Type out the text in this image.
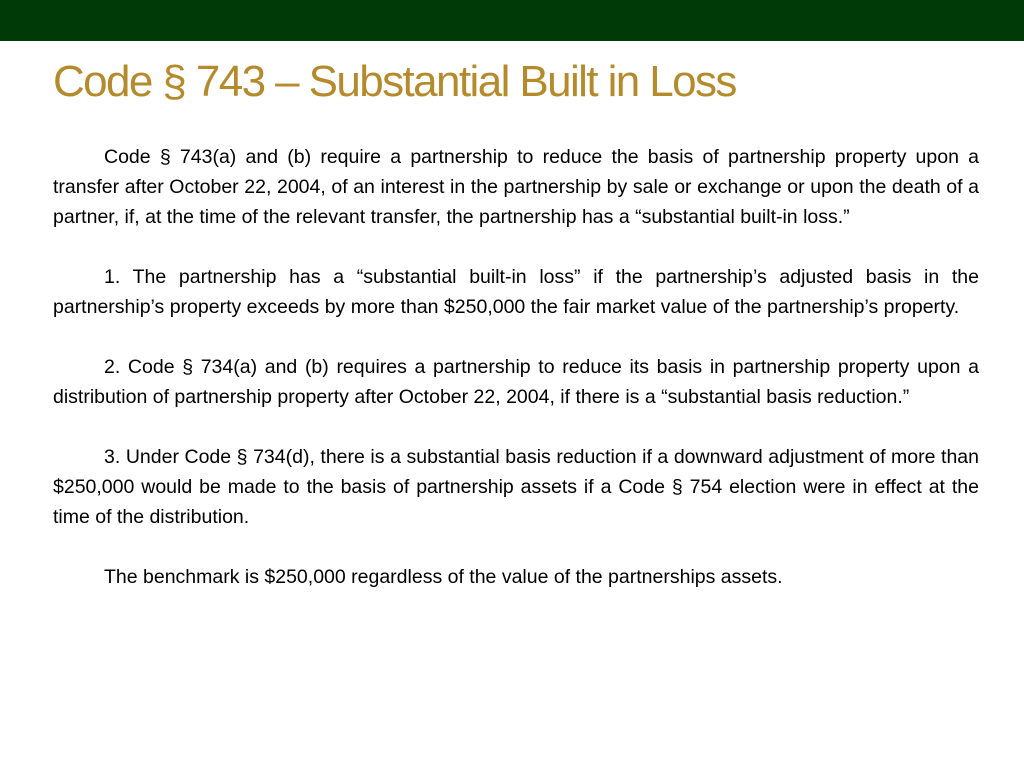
Code § 743 – Substantial Built in Loss

Code § 743(a) and (b) require a partnership to reduce the basis of partnership property upon a transfer after October 22, 2004, of an interest in the partnership by sale or exchange or upon the death of a partner, if, at the time of the relevant transfer, the partnership has a “substantial built-in loss.”

1. The partnership has a “substantial built-in loss” if the partnership’s adjusted basis in the partnership’s property exceeds by more than $250,000 the fair market value of the partnership’s property.

2. Code § 734(a) and (b) requires a partnership to reduce its basis in partnership property upon a distribution of partnership property after October 22, 2004, if there is a “substantial basis reduction.”

3. Under Code § 734(d), there is a substantial basis reduction if a downward adjustment of more than $250,000 would be made to the basis of partnership assets if a Code § 754 election were in effect at the time of the distribution.

The benchmark is $250,000 regardless of the value of the partnerships assets.
